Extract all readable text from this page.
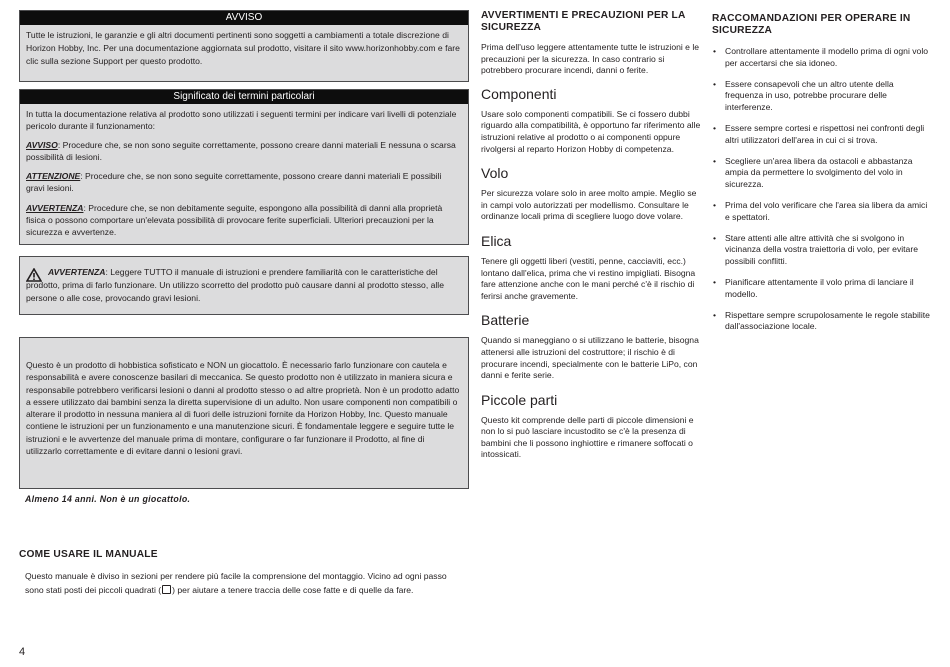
AVVISO

Tutte le istruzioni, le garanzie e gli altri documenti pertinenti sono soggetti a cambiamenti a totale discrezione di Horizon Hobby, Inc. Per una documentazione aggiornata sul prodotto, visitare il sito www.horizonhobby.com e fare clic sulla sezione Support per questo prodotto.

Significato dei termini particolari

In tutta la documentazione relativa al prodotto sono utilizzati i seguenti termini per indicare vari livelli di potenziale pericolo durante il funzionamento:

AVVISO: Procedure che, se non sono seguite correttamente, possono creare danni materiali E nessuna o scarsa possibilità di lesioni.

ATTENZIONE: Procedure che, se non sono seguite correttamente, possono creare danni materiali E possibili gravi lesioni.

AVVERTENZA: Procedure che, se non debitamente seguite, espongono alla possibilità di danni alla proprietà fisica o possono comportare un'elevata possibilità di provocare ferite superficiali. Ulteriori precauzioni per la sicurezza e avvertenze.

AVVERTENZA: Leggere TUTTO il manuale di istruzioni e prendere familiarità con le caratteristiche del prodotto, prima di farlo funzionare. Un utilizzo scorretto del prodotto può causare danni al prodotto stesso, alle persone o alle cose, provocando gravi lesioni.

Questo è un prodotto di hobbistica sofisticato e NON un giocattolo. È necessario farlo funzionare con cautela e responsabilità e avere conoscenze basilari di meccanica. Se questo prodotto non è utilizzato in maniera sicura e responsabile potrebbero verificarsi lesioni o danni al prodotto stesso o ad altre proprietà. Non è un prodotto adatto a essere utilizzato dai bambini senza la diretta supervisione di un adulto. Non usare componenti non compatibili o alterare il prodotto in nessuna maniera al di fuori delle istruzioni fornite da Horizon Hobby, Inc. Questo manuale contiene le istruzioni per un funzionamento e una manutenzione sicuri. È fondamentale leggere e seguire tutte le istruzioni e le avvertenze del manuale prima di montare, configurare o far funzionare il Prodotto, al fine di utilizzarlo correttamente e di evitare danni o lesioni gravi.

Almeno 14 anni. Non è un giocattolo.

COME USARE IL MANUALE

Questo manuale è diviso in sezioni per rendere più facile la comprensione del montaggio. Vicino ad ogni passo sono stati posti dei piccoli quadrati ( ) per aiutare a tenere traccia delle cose fatte e di quelle da fare.

4
AVVERTIMENTI E PRECAUZIONI PER LA SICUREZZA

Prima dell'uso leggere attentamente tutte le istruzioni e le precauzioni per la sicurezza. In caso contrario si potrebbero procurare incendi, danni o ferite.

Componenti

Usare solo componenti compatibili. Se ci fossero dubbi riguardo alla compatibilità, è opportuno far riferimento alle istruzioni relative al prodotto o ai componenti oppure rivolgersi al reparto Horizon Hobby di competenza.

Volo

Per sicurezza volare solo in aree molto ampie. Meglio se in campi volo autorizzati per modellismo. Consultare le ordinanze locali prima di scegliere luogo dove volare.

Elica

Tenere gli oggetti liberi (vestiti, penne, cacciaviti, ecc.) lontano dall'elica, prima che vi restino impigliati. Bisogna fare attenzione anche con le mani perché c'è il rischio di ferirsi anche gravemente.

Batterie

Quando si maneggiano o si utilizzano le batterie, bisogna attenersi alle istruzioni del costruttore; il rischio è di procurare incendi, specialmente con le batterie LiPo, con danni e ferite serie.

Piccole parti

Questo kit comprende delle parti di piccole dimensioni e non lo si può lasciare incustodito se c'è la presenza di bambini che li possono inghiottire e rimanere soffocati o intossicati.

RACCOMANDAZIONI PER OPERARE IN SICUREZZA
• Controllare attentamente il modello prima di ogni volo per accertarsi che sia idoneo.
• Essere consapevoli che un altro utente della frequenza in uso, potrebbe procurare delle interferenze.
• Essere sempre cortesi e rispettosi nei confronti degli altri utilizzatori dell'area in cui ci si trova.
• Scegliere un'area libera da ostacoli e abbastanza ampia da permettere lo svolgimento del volo in sicurezza.
• Prima del volo verificare che l'area sia libera da amici e spettatori.
• Stare attenti alle altre attività che si svolgono in vicinanza della vostra traiettoria di volo, per evitare possibili conflitti.
• Pianificare attentamente il volo prima di lanciare il modello.
• Rispettare sempre scrupolosamente le regole stabilite dall'associazione locale.
